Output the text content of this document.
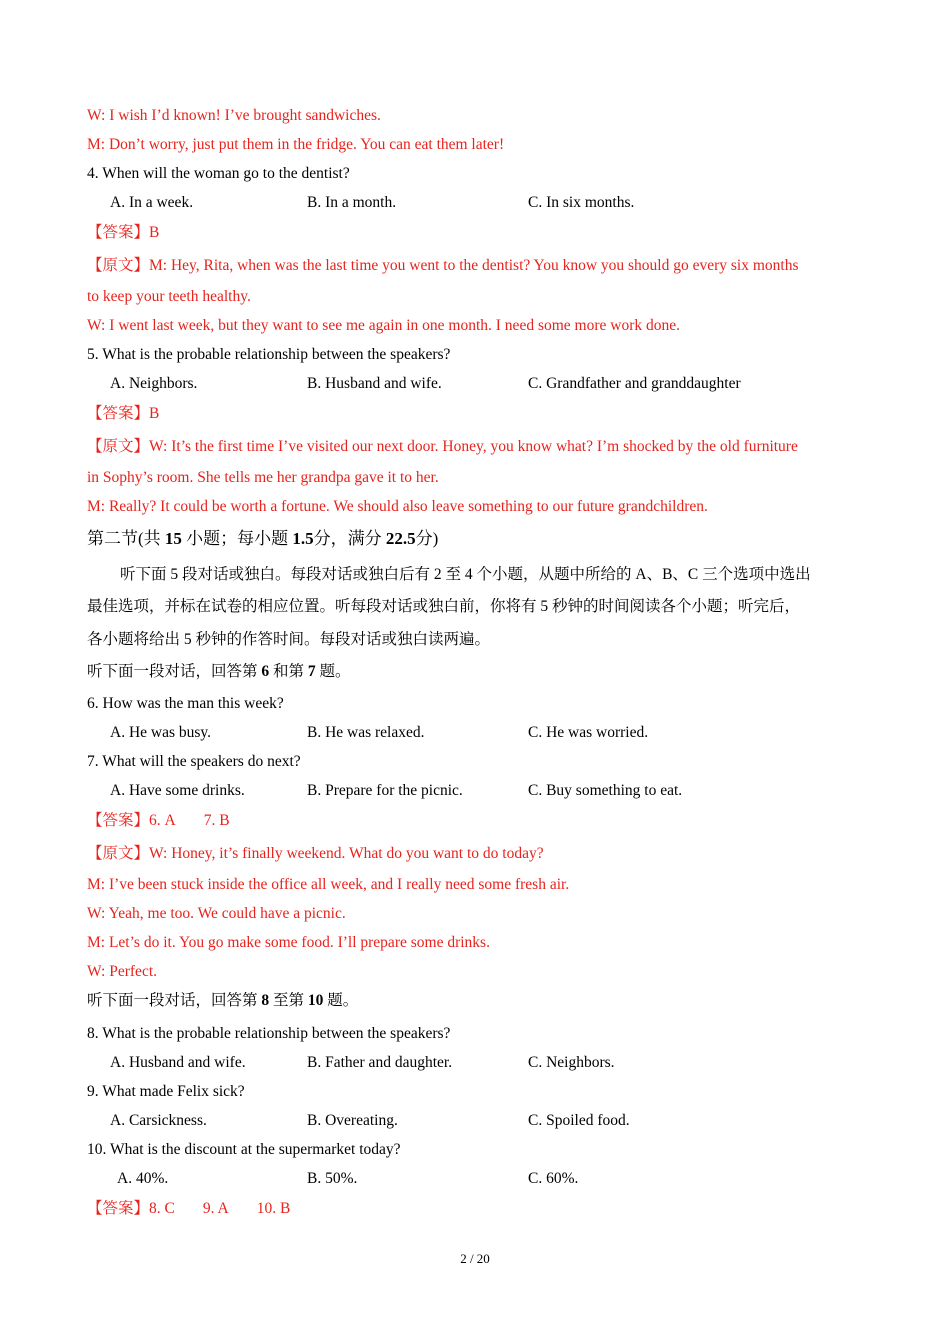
W: I wish I’d known! I’ve brought sandwiches.
M: Don’t worry, just put them in the fridge. You can eat them later!
4. When will the woman go to the dentist?
A. In a week.	B. In a month.	C. In six months.
【答案】B
【原文】M: Hey, Rita, when was the last time you went to the dentist? You know you should go every six months
to keep your teeth healthy.
W: I went last week, but they want to see me again in one month. I need some more work done.
5. What is the probable relationship between the speakers?
A. Neighbors.	B. Husband and wife.	C. Grandfather and granddaughter
【答案】B
【原文】W: It’s the first time I’ve visited our next door. Honey, you know what? I’m shocked by the old furniture
in Sophy’s room. She tells me her grandpa gave it to her.
M: Really? It could be worth a fortune. We should also leave something to our future grandchildren.
第二节(共 15 小题；每小题 1.5分，满分 22.5分)
听下面 5 段对话或独白。每段对话或独白后有 2 至 4 个小题，从题中所给的 A、B、C 三个选项中选出
最佳选项，并标在试卷的相应位置。听每段对话或独白前，你将有 5 秒钟的时间阅读各个小题；听完后，
各小题将给出 5 秒钟的作答时间。每段对话或独白读两遍。
听下面一段对话，回答第 6 和第 7 题。
6. How was the man this week?
A. He was busy.	B. He was relaxed.	C. He was worried.
7. What will the speakers do next?
A. Have some drinks.	B. Prepare for the picnic.	C. Buy something to eat.
【答案】6. A 7. B
【原文】W: Honey, it’s finally weekend. What do you want to do today?
M: I’ve been stuck inside the office all week, and I really need some fresh air.
W: Yeah, me too. We could have a picnic.
M: Let’s do it. You go make some food. I’ll prepare some drinks.
W: Perfect.
听下面一段对话，回答第 8 至第 10 题。
8. What is the probable relationship between the speakers?
A. Husband and wife.	B. Father and daughter.	C. Neighbors.
9. What made Felix sick?
A. Carsickness.	B. Overeating.	C. Spoiled food.
10. What is the discount at the supermarket today?
A. 40%.	B. 50%.	C. 60%.
【答案】8. C 9. A 10. B
2 / 20
